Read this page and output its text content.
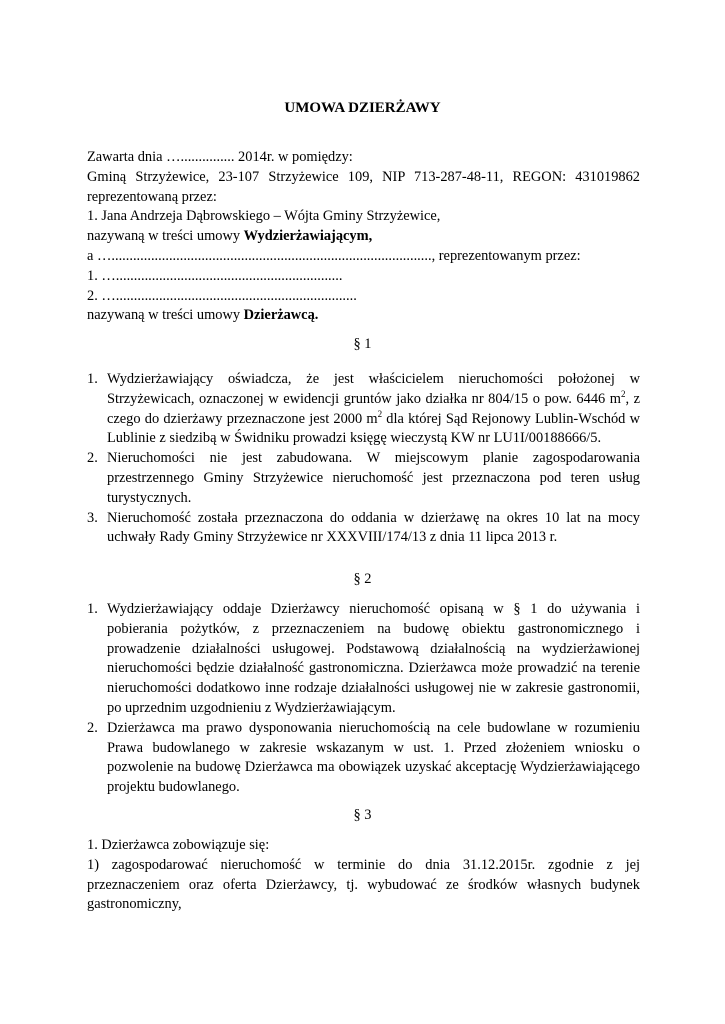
UMOWA DZIERŻAWY
Zawarta dnia …............... 2014r. w pomiędzy:
Gminą Strzyżewice, 23-107 Strzyżewice 109, NIP 713-287-48-11, REGON: 431019862
reprezentowaną przez:
1. Jana Andrzeja Dąbrowskiego – Wójta Gminy Strzyżewice,
nazywaną w treści umowy Wydzierżawiającym,
a …........................................................................................., reprezentowanym przez:
1. …...............................................................
2. …...................................................................
nazywaną w treści umowy Dzierżawcą.
§ 1
1. Wydzierżawiający oświadcza, że jest właścicielem nieruchomości położonej w Strzyżewicach, oznaczonej w ewidencji gruntów jako działka nr 804/15 o pow. 6446 $m^2$, z czego do dzierżawy przeznaczone jest 2000 $m^2$ dla której Sąd Rejonowy Lublin-Wschód w Lublinie z siedzibą w Świdniku prowadzi księgę wieczystą KW nr LU1I/00188666/5.
2. Nieruchomości nie jest zabudowana. W miejscowym planie zagospodarowania przestrzennego Gminy Strzyżewice nieruchomość jest przeznaczona pod teren usług turystycznych.
3. Nieruchomość została przeznaczona do oddania w dzierżawę na okres 10 lat na mocy uchwały Rady Gminy Strzyżewice nr XXXVIII/174/13 z dnia 11 lipca 2013 r.
§ 2
1. Wydzierżawiający oddaje Dzierżawcy nieruchomość opisaną w § 1 do używania i pobierania pożytków, z przeznaczeniem na budowę obiektu gastronomicznego i prowadzenie działalności usługowej. Podstawową działalnością na wydzierżawionej nieruchomości będzie działalność gastronomiczna. Dzierżawca może prowadzić na terenie nieruchomości dodatkowo inne rodzaje działalności usługowej nie w zakresie gastronomii, po uprzednim uzgodnieniu z Wydzierżawiającym.
2. Dzierżawca ma prawo dysponowania nieruchomością na cele budowlane w rozumieniu Prawa budowlanego w zakresie wskazanym w ust. 1. Przed złożeniem wniosku o pozwolenie na budowę Dzierżawca ma obowiązek uzyskać akceptację Wydzierżawiającego projektu budowlanego.
§ 3
1. Dzierżawca zobowiązuje się:
1) zagospodarować nieruchomość w terminie do dnia 31.12.2015r. zgodnie z jej
przeznaczeniem oraz oferta Dzierżawcy, tj. wybudować ze środków własnych budynek
gastronomiczny,
